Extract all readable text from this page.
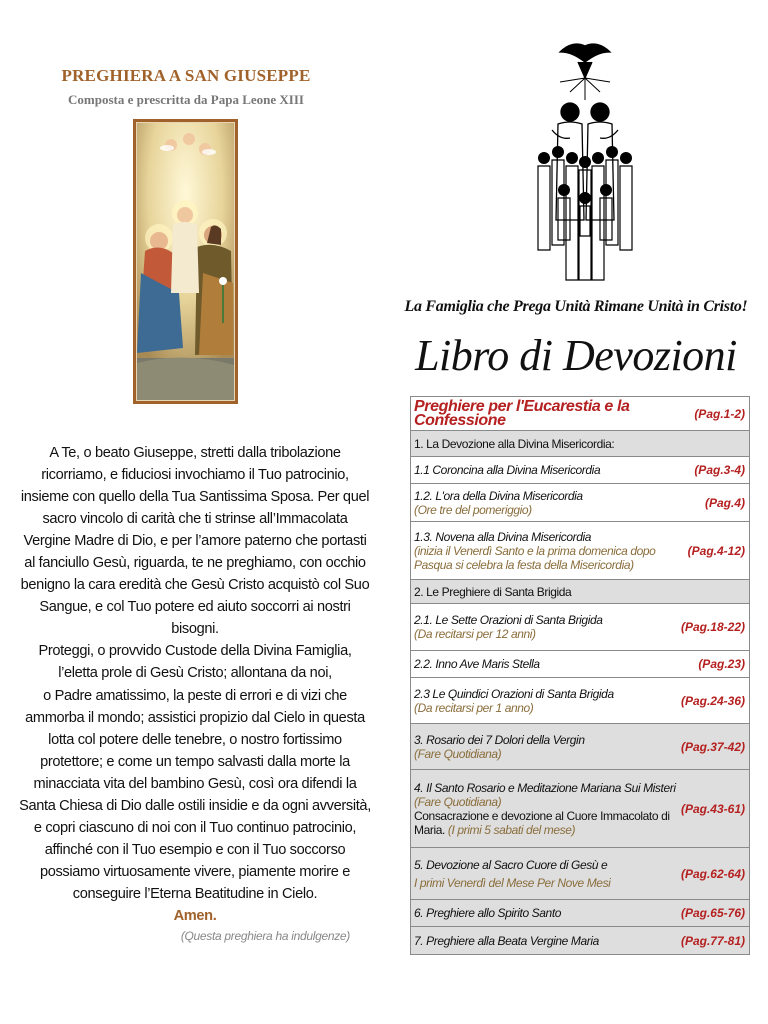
PREGHIERA A SAN GIUSEPPE
Composta e prescritta da Papa Leone XIII

A Te, o beato Giuseppe, stretti dalla tribolazione ricorriamo, e fiduciosi invochiamo il Tuo patrocinio, insieme con quello della Tua Santissima Sposa. Per quel sacro vincolo di carità che ti strinse all’Immacolata Vergine Madre di Dio, e per l’amore paterno che portasti al fanciullo Gesù, riguarda, te ne preghiamo, con occhio benigno la cara eredità che Gesù Cristo acquistò col Suo Sangue, e col Tuo potere ed aiuto soccorri ai nostri bisogni.

Proteggi, o provvido Custode della Divina Famiglia, l’eletta prole di Gesù Cristo; allontana da noi,

o Padre amatissimo, la peste di errori e di vizi che ammorba il mondo; assistici propizio dal Cielo in questa lotta col potere delle tenebre, o nostro fortissimo protettore; e come un tempo salvasti dalla morte la minacciata vita del bambino Gesù, così ora difendi la Santa Chiesa di Dio dalle ostili insidie e da ogni avversità, e copri ciascuno di noi con il Tuo continuo patrocinio, affinché con il Tuo esempio e con il Tuo soccorso possiamo virtuosamente vivere, piamente morire e conseguire l’Eterna Beatitudine in Cielo.

Amen.

(Questa preghiera ha indulgenze)
La Famiglia che Prega Unità Rimane Unità in Cristo!
Libro di Devozioni
Preghiere per l'Eucarestia e la Confessione	(Pag.1-2)
1. La Devozione alla Divina Misericordia:
1.1 Coroncina alla Divina Misericordia	(Pag.3-4)
1.2. L'ora della Divina Misericordia
(Ore tre del pomeriggio)	(Pag.4)
1.3. Novena alla Divina Misericordia
(inizia il Venerdì Santo e la prima domenica dopo Pasqua si celebra la festa della Misericordia)
(Pag.4-12)
2. Le Preghiere di Santa Brigida
2.1. Le Sette Orazioni di Santa Brigida
(Da recitarsi per 12 anni)	(Pag.18-22)
2.2. Inno Ave Maris Stella	(Pag.23)
2.3 Le Quindici Orazioni di Santa Brigida
(Da recitarsi per 1 anno)	(Pag.24-36)
3. Rosario dei 7 Dolori della Vergin
(Fare Quotidiana)	(Pag.37-42)
4. Il Santo Rosario e Meditazione Mariana Sui Misteri
(Fare Quotidiana)
Consacrazione e devozione al Cuore Immacolato di Maria. (I primi 5 sabati del mese)
(Pag.43-61)
5. Devozione al Sacro Cuore di Gesù e
I primi Venerdì del Mese Per Nove Mesi
(Pag.62-64)
6. Preghiere allo Spirito Santo	(Pag.65-76)
7. Preghiere alla Beata Vergine Maria	(Pag.77-81)
